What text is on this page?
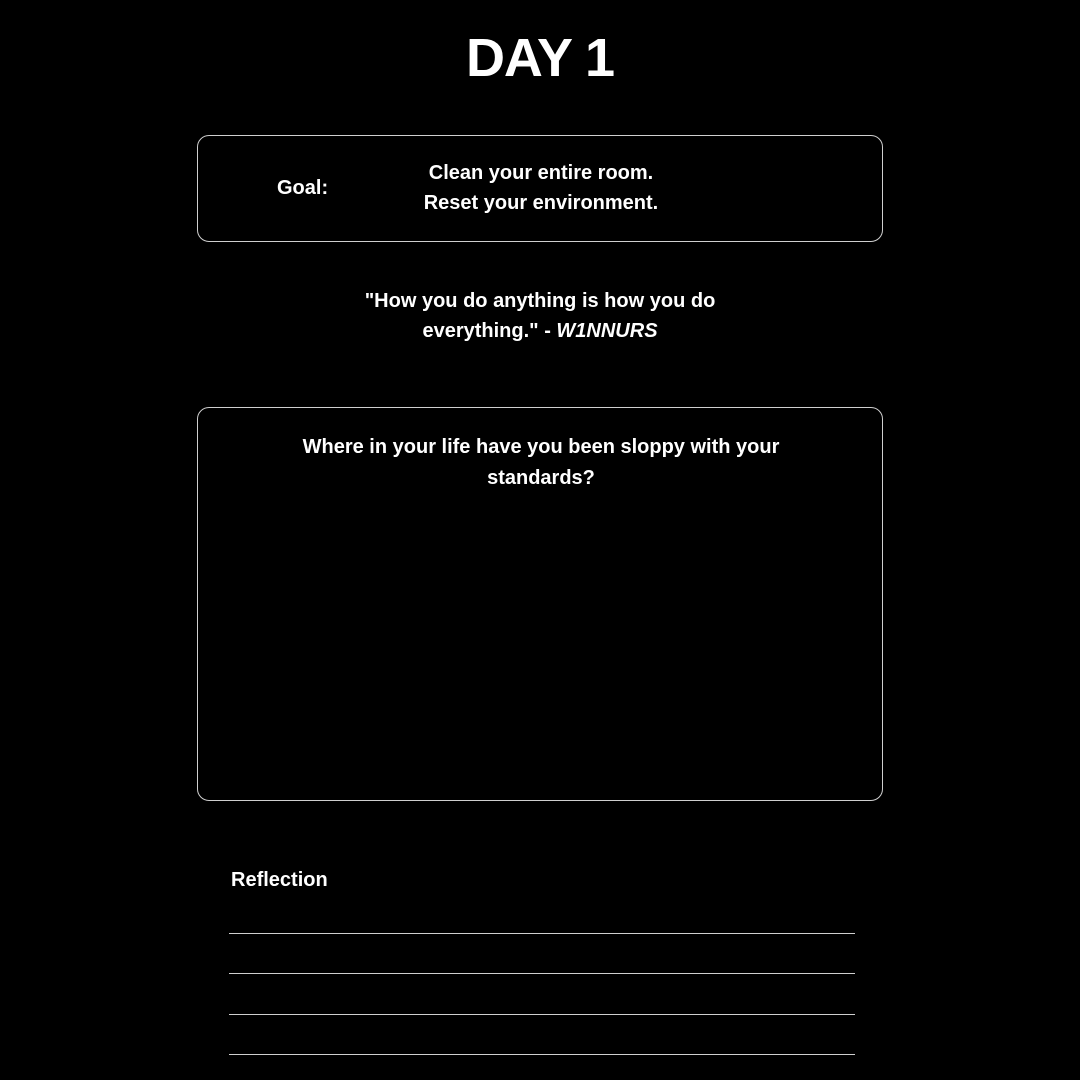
DAY 1
Goal:
Clean your entire room.
Reset your environment.
"How you do anything is how you do everything." - W1NNURS
Where in your life have you been sloppy with your standards?
Reflection
